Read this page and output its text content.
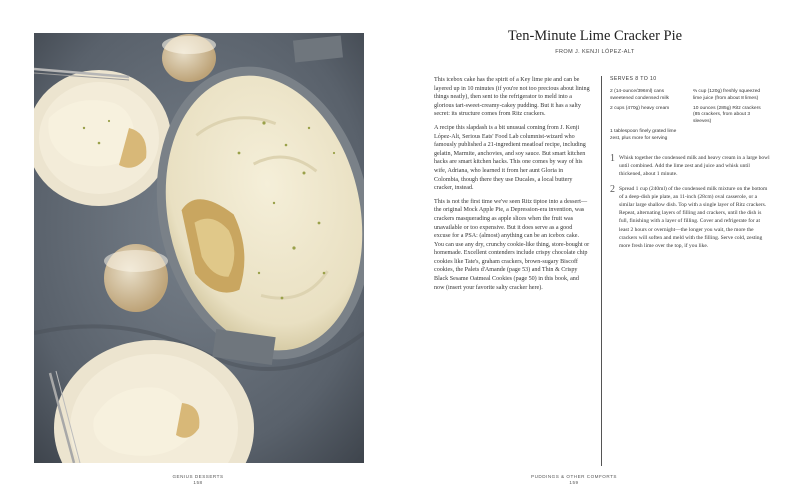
Ten-Minute Lime Cracker Pie
FROM J. KENJI LÓPEZ-ALT

This icebox cake has the spirit of a Key lime pie and can be layered up in 10 minutes (if you're not too precious about lining things neatly), then sent to the refrigerator to meld into a glorious tart-sweet-creamy-cakey pudding. But it has a salty secret: its structure comes from Ritz crackers.

A recipe this slapdash is a bit unusual coming from J. Kenji López-Alt, Serious Eats' Food Lab columnist-wizard who famously published a 21-ingredient meatloaf recipe, including gelatin, Marmite, anchovies, and soy sauce. But smart kitchen hacks are smart kitchen hacks. This one comes by way of his wife, Adriana, who learned it from her aunt Gloria in Colombia, though there they use Ducales, a local buttery cracker, instead.

This is not the first time we've seen Ritz tiptoe into a dessert—the original Mock Apple Pie, a Depression-era invention, was crackers masquerading as apple slices when the fruit was unavailable or too expensive. But it does serve as a good excuse for a PSA: (almost) anything can be an icebox cake. You can use any dry, crunchy cookie-like thing, store-bought or homemade. Excellent contenders include crispy chocolate chip cookies like Tate's, graham crackers, brown-sugary Biscoff cookies, the Palets d'Amande (page 53) and Thin & Crispy Black Sesame Oatmeal Cookies (page 50) in this book, and now (insert your favorite salty cracker here).

SERVES 8 TO 10
2 (14-ounce/396ml) cans sweetened condensed milk
⅔ cup (120g) freshly squeezed lime juice (from about 8 limes)
2 cups (470g) heavy cream	10 ounces (285g) Ritz crackers (85 crackers, from about 3 sleeves)
1 tablespoon finely grated lime zest, plus more for serving
1 Whisk together the condensed milk and heavy cream in a large bowl until combined. Add the lime zest and juice and whisk until thickened, about 1 minute.
2 Spread 1 cup (240ml) of the condensed milk mixture on the bottom of a deep-dish pie plate, an 11-inch (28cm) oval casserole, or a similar large shallow dish. Top with a single layer of Ritz crackers. Repeat, alternating layers of filling and crackers, until the dish is full, finishing with a layer of filling. Cover and refrigerate for at least 2 hours or overnight—the longer you wait, the more the crackers will soften and meld with the filling. Serve cold, zesting more fresh lime over the top, if you like.
GENIUS DESSERTS
158
PUDDINGS & OTHER COMFORTS
159
